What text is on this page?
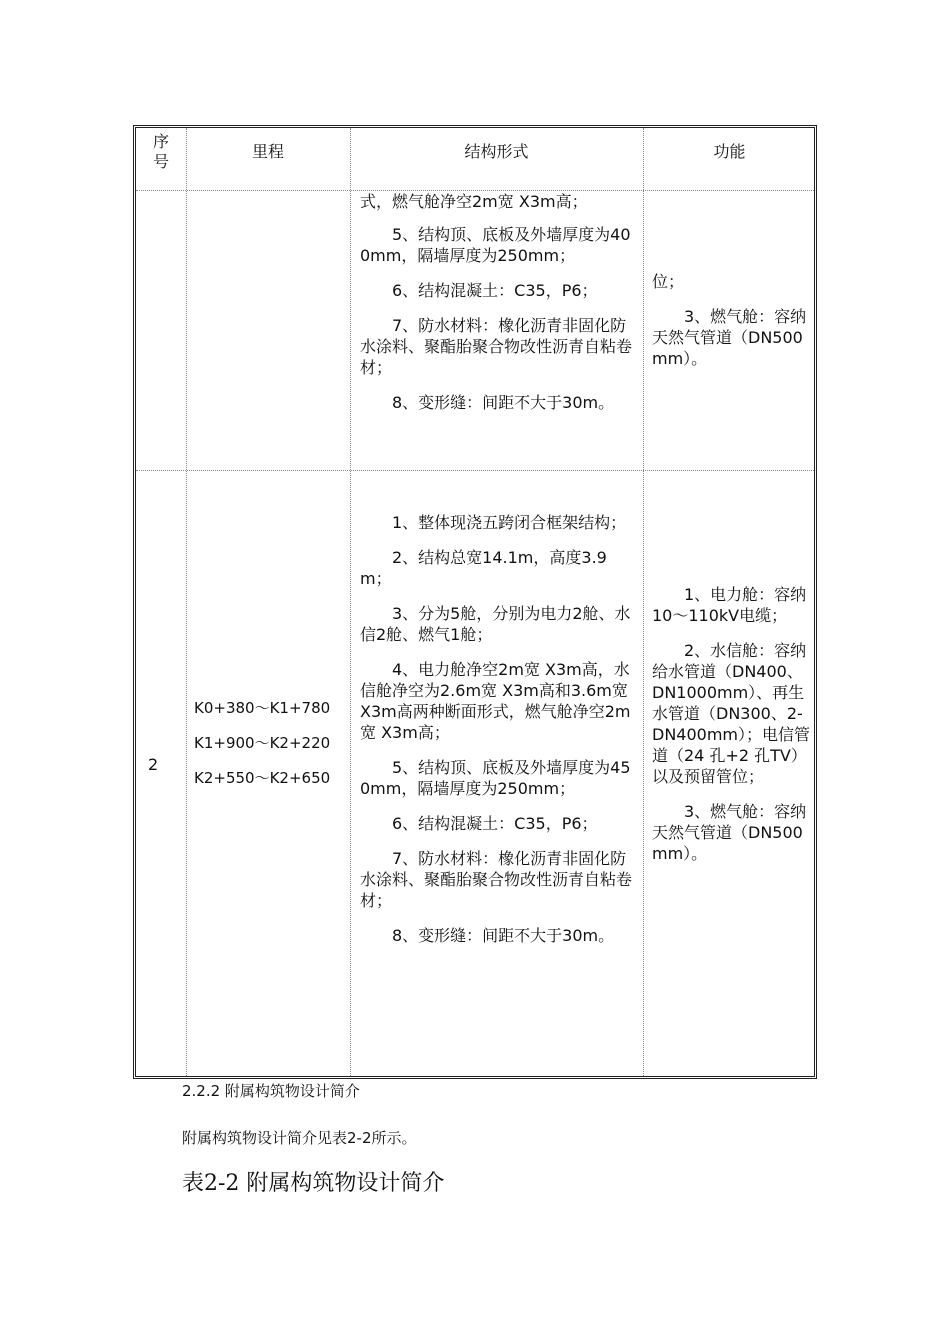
序
号
里程	结构形式	功能

式，燃气舱净空2m宽 X3m高；

5、结构顶、底板及外墙厚度为400mm，隔墙厚度为250mm；

6、结构混凝土：C35，P6；

7、防水材料：橡化沥青非固化防水涂料、聚酯胎聚合物改性沥青自粘卷材；

8、变形缝：间距不大于30m。

位；

3、燃气舱：容纳天然气管道（DN500mm）。

2
K0+380～K1+780
K1+900～K2+220
K2+550～K2+650

1、整体现浇五跨闭合框架结构；

2、结构总宽14.1m，高度3.9m；

3、分为5舱，分别为电力2舱、水信2舱、燃气1舱；

4、电力舱净空2m宽 X3m高，水信舱净空为2.6m宽 X3m高和3.6m宽 X3m高两种断面形式，燃气舱净空2m宽 X3m高；

5、结构顶、底板及外墙厚度为450mm，隔墙厚度为250mm；

6、结构混凝土：C35，P6；

7、防水材料：橡化沥青非固化防水涂料、聚酯胎聚合物改性沥青自粘卷材；

8、变形缝：间距不大于30m。

1、电力舱：容纳 10～110kV电缆；

2、水信舱：容纳给水管道（DN400、DN1000mm）、再生水管道（DN300、2-DN400mm）；电信管道（24 孔+2 孔TV）以及预留管位；

3、燃气舱：容纳天然气管道（DN500mm）。

2.2.2 附属构筑物设计简介
附属构筑物设计简介见表2-2所示。
表2-2 附属构筑物设计简介
